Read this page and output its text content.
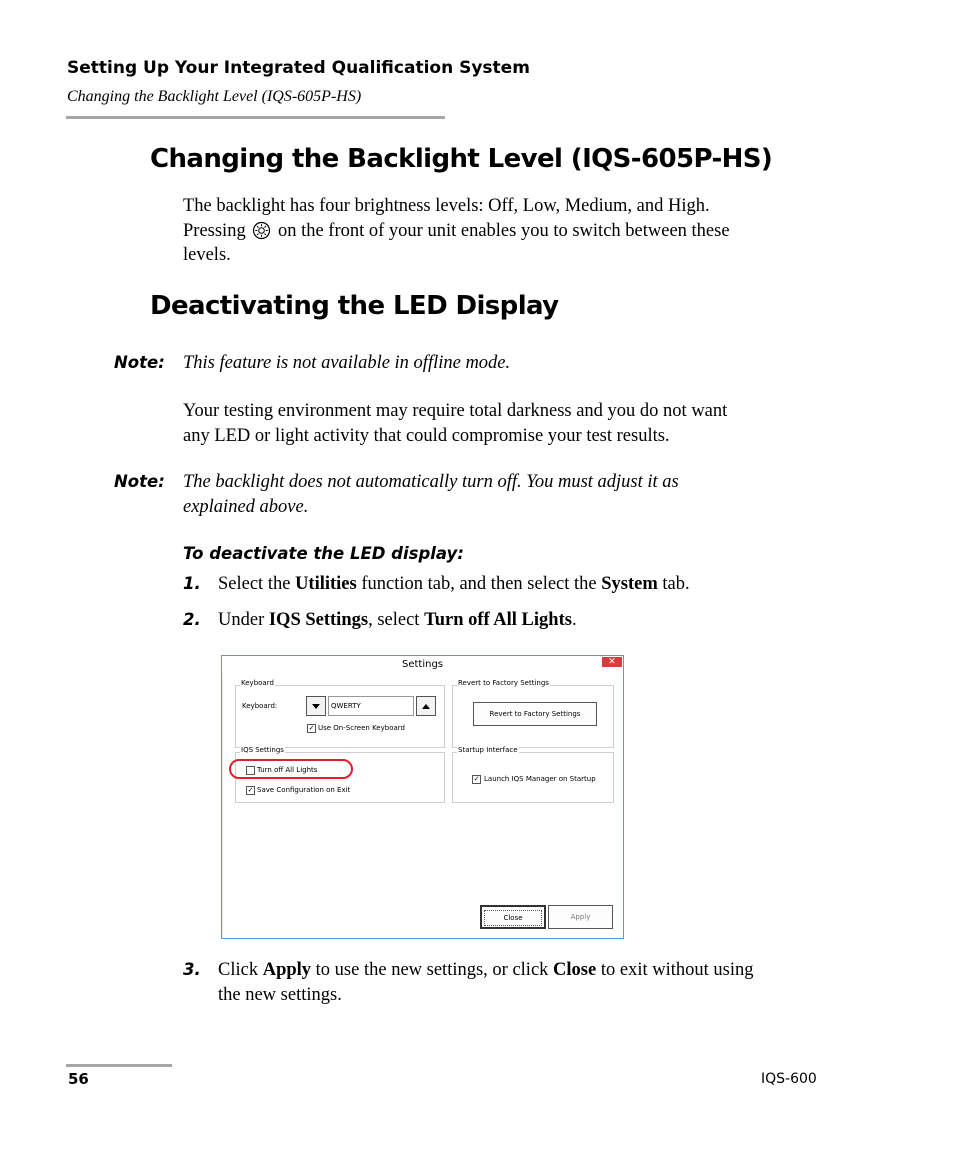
Setting Up Your Integrated Qualification System
Changing the Backlight Level (IQS-605P-HS)
Changing the Backlight Level (IQS-605P-HS)
The backlight has four brightness levels: Off, Low, Medium, and High.
Pressing on the front of your unit enables you to switch between these
levels.
Deactivating the LED Display
Note: This feature is not available in offline mode.
Your testing environment may require total darkness and you do not want
any LED or light activity that could compromise your test results.
Note: The backlight does not automatically turn off. You must adjust it as
explained above.
To deactivate the LED display:
1. Select the Utilities function tab, and then select the System tab.
2. Under IQS Settings, select Turn off All Lights.
Settings	✕
Keyboard
Keyboard:	QWERTY
✓ Use On-Screen Keyboard
Revert to Factory Settings
Revert to Factory Settings
IQS Settings
Turn off All Lights
✓ Save Configuration on Exit
Startup Interface
✓ Launch IQS Manager on Startup
Close	Apply
3. Click Apply to use the new settings, or click Close to exit without using
the new settings.
56	IQS-600
